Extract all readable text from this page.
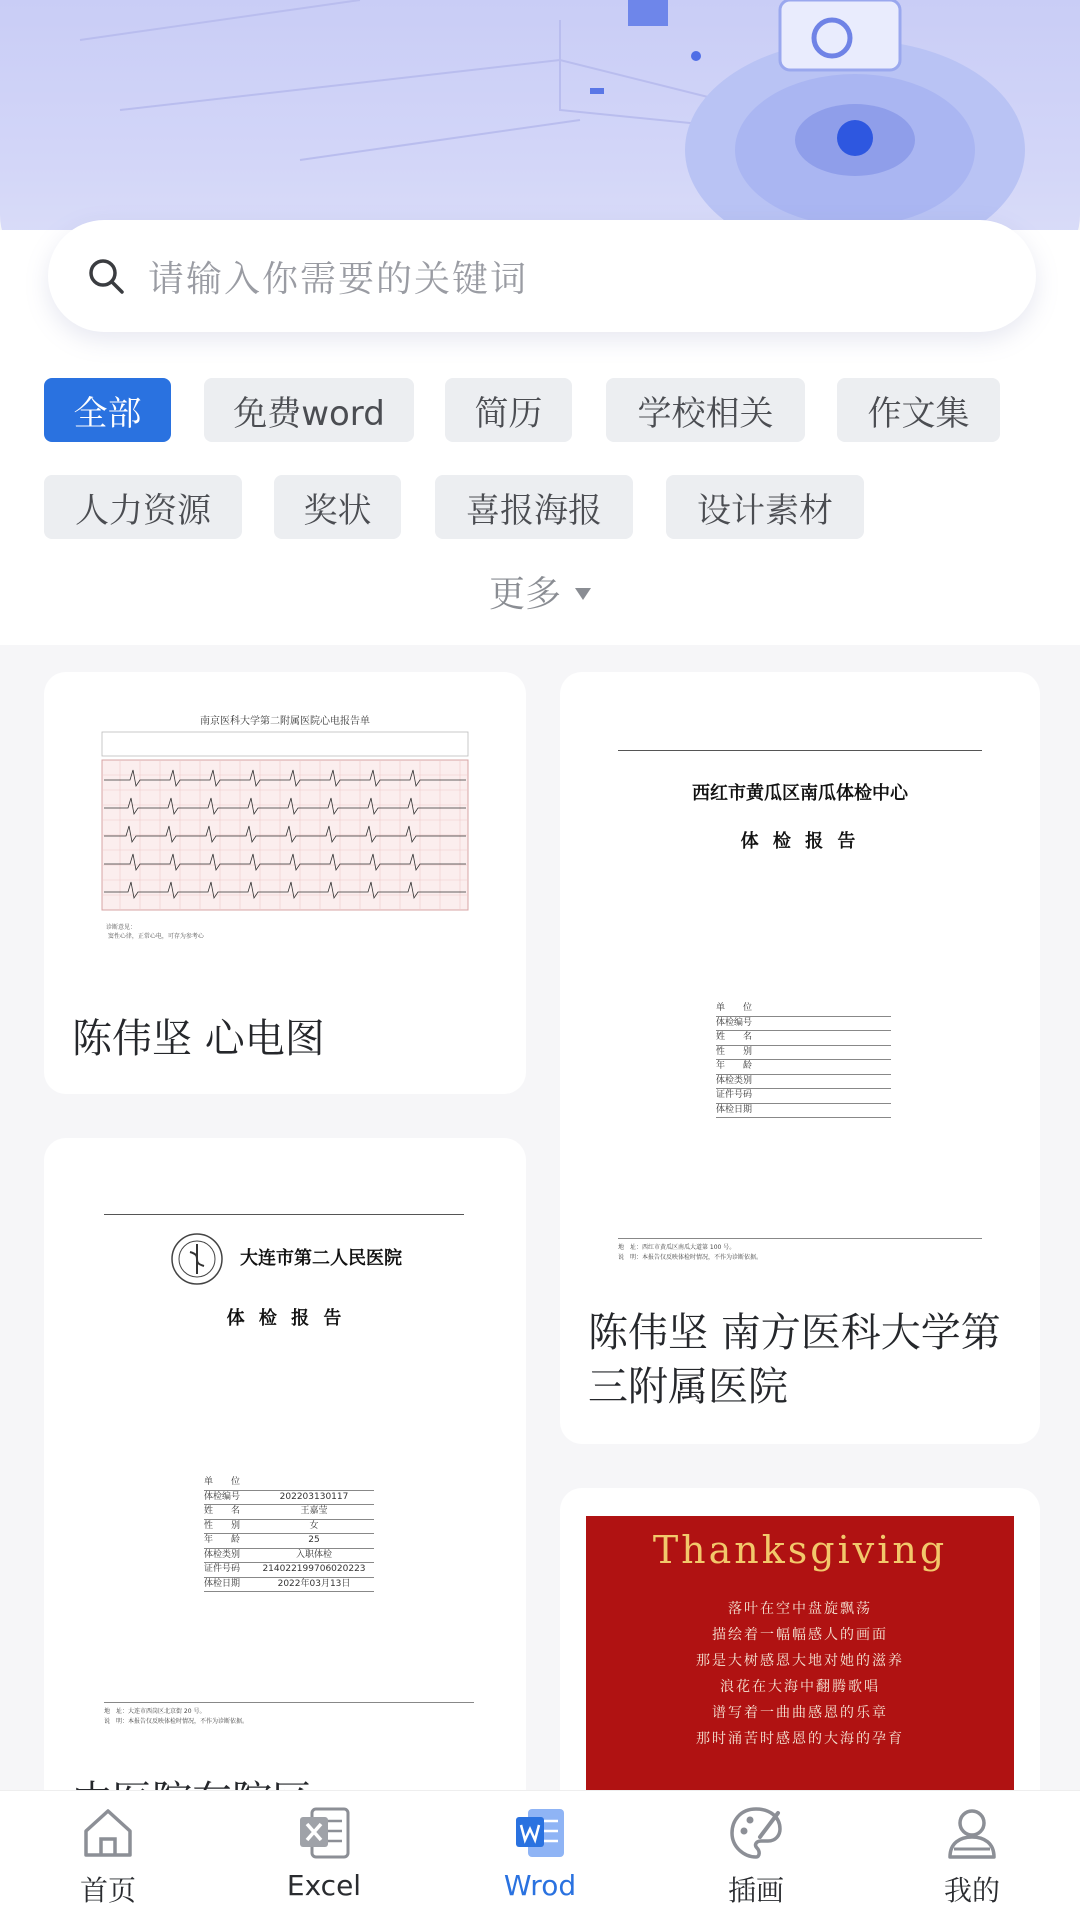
请输入你需要的关键词
全部	免费word	简历	学校相关	作文集
人力资源	奖状	喜报海报	设计素材
更多
南京医科大学第二附属医院心电报告单
诊断意见：
窦性心律，正常心电，可存为参考心
陈伟坚 心电图
西红市黄瓜区南瓜体检中心
体 检 报 告
单　　位
体检编号
姓　　名
性　　别
年　　龄
体检类别
证件号码
体检日期
地　址：西红市黄瓜区南瓜大道第 100 号。
说　明：本报告仅反映体检时情况，不作为诊断依据。
陈伟坚 南方医科大学第三附属医院
大连市第二人民医院
体 检 报 告
单　　位
体检编号	202203130117
姓　　名	王嘉莹
性　　别	女
年　　龄	25
体检类别	入职体检
证件号码	214022199706020223
体检日期	2022年03月13日
地　址：大连市西岗区北京街 20 号。
说　明：本报告仅反映体检时情况，不作为诊断依据。
Thanksgiving
落叶在空中盘旋飘荡
描绘着一幅幅感人的画面
那是大树感恩大地对她的滋养
浪花在大海中翻腾歌唱
谱写着一曲曲感恩的乐章
那时涌苦时感恩的大海的孕育
首页	Excel	Wrod	插画	我的
